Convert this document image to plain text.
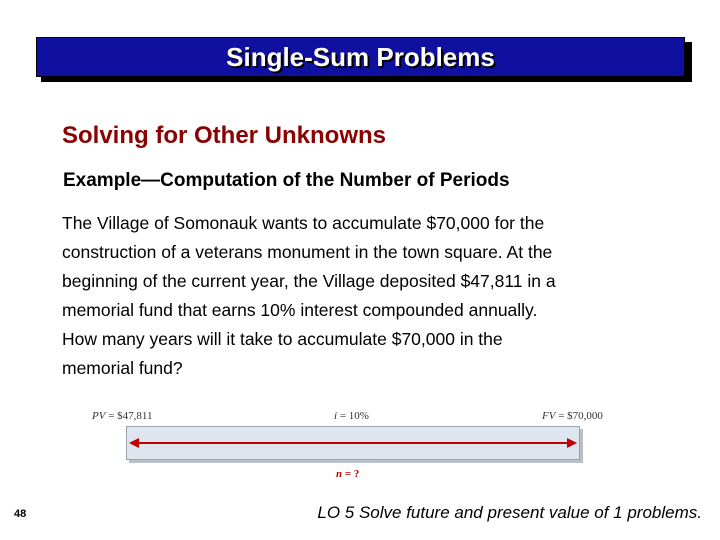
Single-Sum Problems
Solving for Other Unknowns
Example—Computation of the Number of Periods
The Village of Somonauk wants to accumulate $70,000 for the
construction of a veterans monument in the town square. At the
beginning of the current year, the Village deposited $47,811 in a
memorial fund that earns 10% interest compounded annually.
How many years will it take to accumulate $70,000 in the
memorial fund?
PV = $47,811	i = 10%	FV = $70,000
n = ?
48	LO 5 Solve future and present value of 1 problems.
